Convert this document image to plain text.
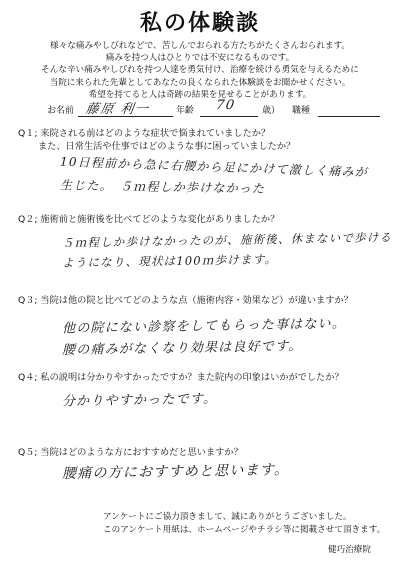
私の体験談
様々な痛みやしびれなどで、苦しんでおられる方たちがたくさんおられます。
痛みを持つ人はひとりでは不安になるものです。
そんな辛い痛みやしびれを持つ人達を勇気付け、治療を続ける勇気を与えるために
当院に来られた先輩としてあなたの良くなられた体験談をお聞かせください。
希望を持てると人は奇跡の結果を見せることがあります。
お名前 藤原 利一	年齢 70	歳） 職種
Q１; 来院される前はどのような症状で悩まれていましたか？
また、日常生活や仕事ではどのような事に困っていましたか？
10日程前から急に右腰から足にかけて激しく痛みが
生じた。　５ｍ程しか歩けなかった
Q２; 施術前と施術後を比べてどのような変化がありましたか？
５ｍ程しか歩けなかったのが、施術後、休まないで歩ける
ようになり、現状は100ｍ歩けます。
Q３; 当院は他の院と比べてどのような点（施術内容・効果など）が違いますか？
他の院にない診察をしてもらった事はない。
腰の痛みがなくなり効果は良好です。
Q４; 私の説明は分かりやすかったですか？また院内の印象はいかがでしたか？
分かりやすかったです。
Q５; 当院はどのような方におすすめだと思いますか？
腰痛の方におすすめと思います。
アンケートにご協力頂きまして、誠にありがとうございました。
このアンケート用紙は、ホームページやチラシ等に掲載させて頂きます。
健巧治療院
